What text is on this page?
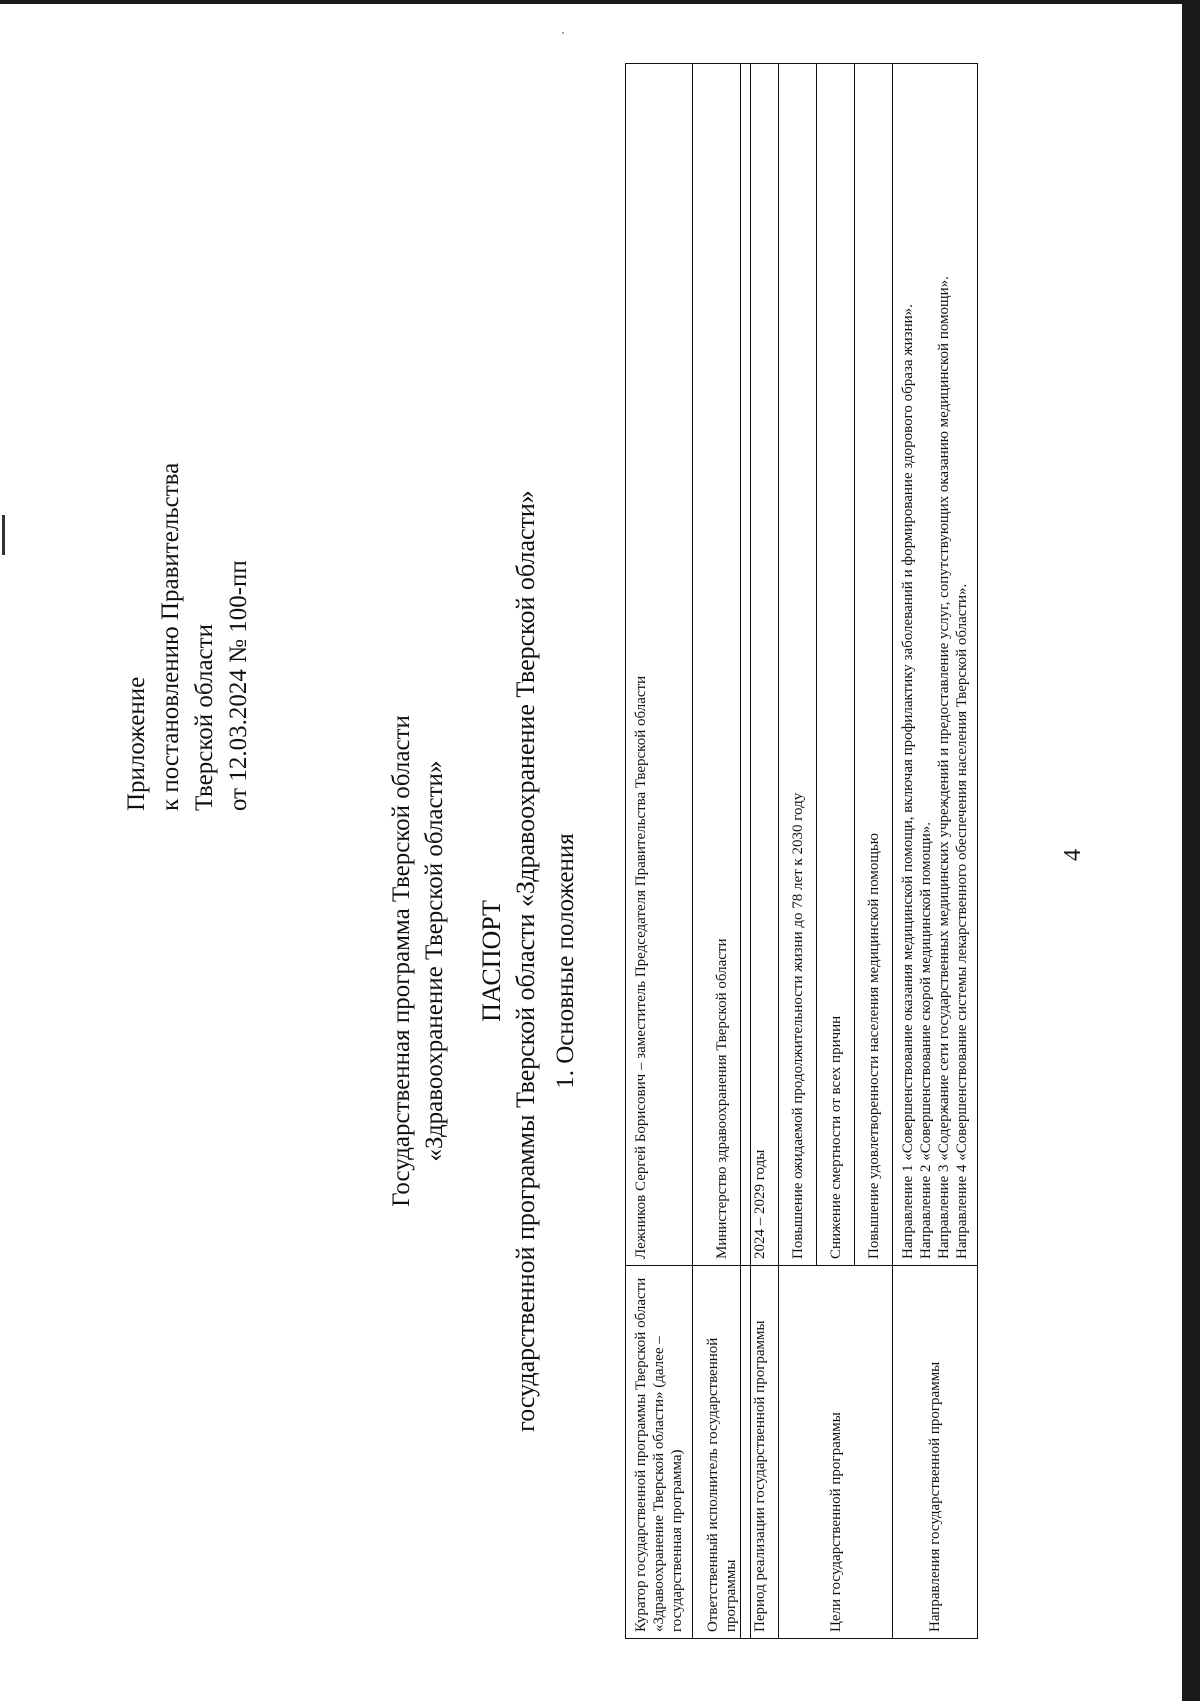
4
Приложение к постановлению Правительства Тверской области от 12.03.2024 № 100-пп
Государственная программа Тверской области «Здравоохранение Тверской области» ПАСПОРТ государственной программы Тверской области «Здравоохранение Тверской области» 1. Основные положения
Куратор государственной программы Тверской области «Здравоохранение Тверской области» (далее – государственная программа)	Лежников Сергей Борисович – заместитель Председателя Правительства Тверской области
Ответственный исполнитель государственной программы	Министерство здравоохранения Тверской области
Период реализации государственной программы	2024 – 2029 годы
Цели государственной программы	Повышение ожидаемой продолжительности жизни до 78 лет к 2030 году
	Снижение смертности от всех причин
	Повышение удовлетворенности населения медицинской помощью
Направления государственной программы	Направление 1 «Совершенствование оказания медицинской помощи, включая профилактику заболеваний и формирование здорового образа жизни». Направление 2 «Совершенствование скорой медицинской помощи». Направление 3 «Содержание сети государственных медицинских учреждений и предоставление услуг, сопутствующих оказанию медицинской помощи». Направление 4 «Совершенствование системы лекарственного обеспечения населения Тверской области».
